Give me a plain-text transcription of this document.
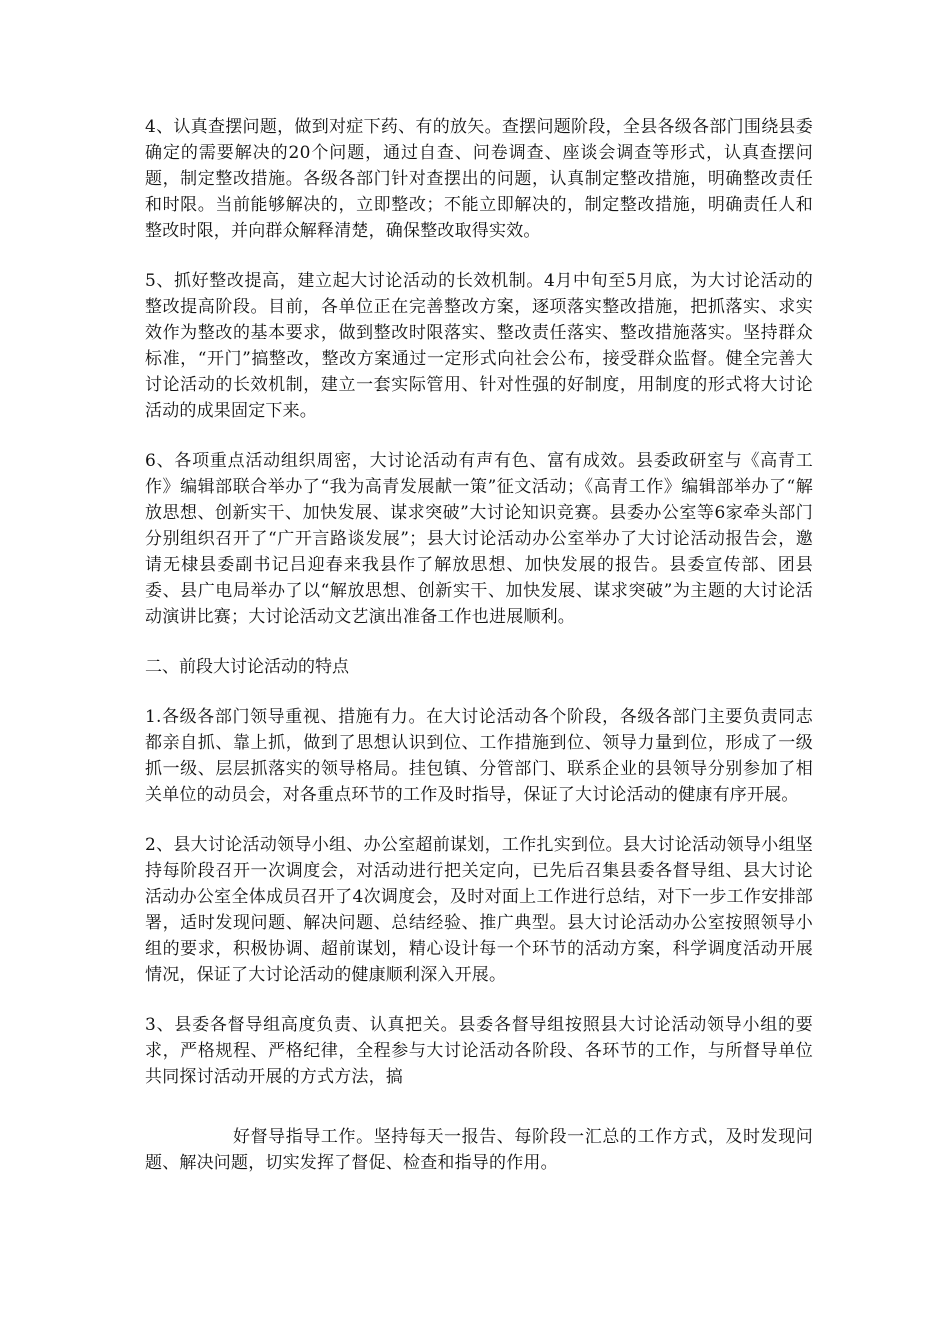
4、认真查摆问题，做到对症下药、有的放矢。查摆问题阶段，全县各级各部门围绕县委确定的需要解决的20个问题，通过自查、问卷调查、座谈会调查等形式，认真查摆问题，制定整改措施。各级各部门针对查摆出的问题，认真制定整改措施，明确整改责任和时限。当前能够解决的，立即整改；不能立即解决的，制定整改措施，明确责任人和整改时限，并向群众解释清楚，确保整改取得实效。

5、抓好整改提高，建立起大讨论活动的长效机制。4月中旬至5月底，为大讨论活动的整改提高阶段。目前，各单位正在完善整改方案，逐项落实整改措施，把抓落实、求实效作为整改的基本要求，做到整改时限落实、整改责任落实、整改措施落实。坚持群众标准，“开门”搞整改，整改方案通过一定形式向社会公布，接受群众监督。健全完善大讨论活动的长效机制，建立一套实际管用、针对性强的好制度，用制度的形式将大讨论活动的成果固定下来。

6、各项重点活动组织周密，大讨论活动有声有色、富有成效。县委政研室与《高青工作》编辑部联合举办了“我为高青发展献一策”征文活动；《高青工作》编辑部举办了“解放思想、创新实干、加快发展、谋求突破”大讨论知识竞赛。县委办公室等6家牵头部门分别组织召开了“广开言路谈发展”；县大讨论活动办公室举办了大讨论活动报告会，邀请无棣县委副书记吕迎春来我县作了解放思想、加快发展的报告。县委宣传部、团县委、县广电局举办了以“解放思想、创新实干、加快发展、谋求突破”为主题的大讨论活动演讲比赛；大讨论活动文艺演出准备工作也进展顺利。

二、前段大讨论活动的特点

1.各级各部门领导重视、措施有力。在大讨论活动各个阶段，各级各部门主要负责同志都亲自抓、靠上抓，做到了思想认识到位、工作措施到位、领导力量到位，形成了一级抓一级、层层抓落实的领导格局。挂包镇、分管部门、联系企业的县领导分别参加了相关单位的动员会，对各重点环节的工作及时指导，保证了大讨论活动的健康有序开展。

2、县大讨论活动领导小组、办公室超前谋划，工作扎实到位。县大讨论活动领导小组坚持每阶段召开一次调度会，对活动进行把关定向，已先后召集县委各督导组、县大讨论活动办公室全体成员召开了4次调度会，及时对面上工作进行总结，对下一步工作安排部署，适时发现问题、解决问题、总结经验、推广典型。县大讨论活动办公室按照领导小组的要求，积极协调、超前谋划，精心设计每一个环节的活动方案，科学调度活动开展情况，保证了大讨论活动的健康顺利深入开展。

3、县委各督导组高度负责、认真把关。县委各督导组按照县大讨论活动领导小组的要求，严格规程、严格纪律，全程参与大讨论活动各阶段、各环节的工作，与所督导单位共同探讨活动开展的方式方法，搞

好督导指导工作。坚持每天一报告、每阶段一汇总的工作方式，及时发现问题、解决问题，切实发挥了督促、检查和指导的作用。
